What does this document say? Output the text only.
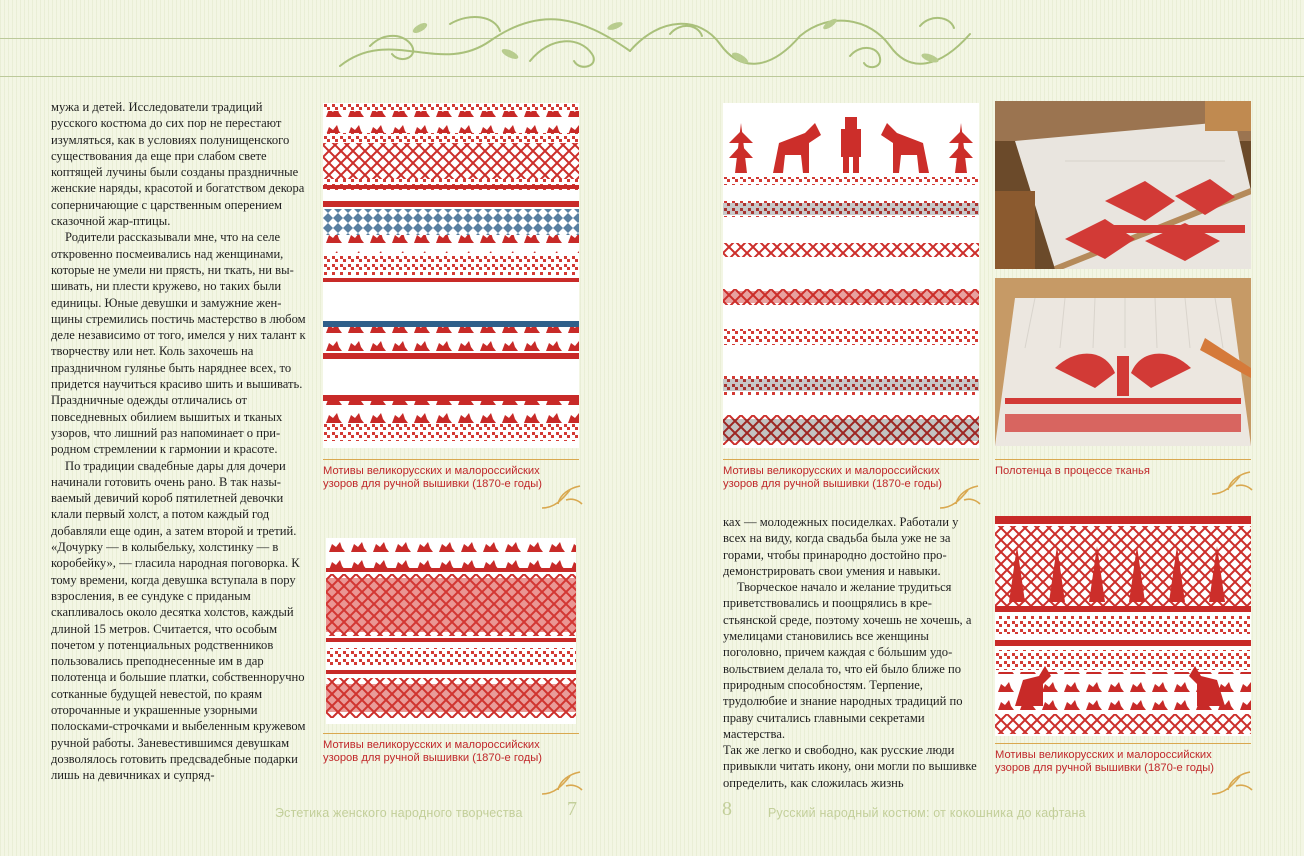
мужа и детей. Исследователи традиций русского костюма до сих пор не перестают изумляться, как в условиях полунищенского существования да еще при слабом свете коптящей лучины были созданы праздничные женские наряды, красотой и богатством декора соперничающие с царственным оперением сказочной жар-птицы.

Родители рассказывали мне, что на селе откровенно посмеивались над женщинами, которые не умели ни прясть, ни ткать, ни вышивать, ни плести кружево, но таких были единицы. Юные девушки и замужние женщины стремились постичь мастерство в любом деле независимо от того, имелся у них талант к творчеству или нет. Коль захочешь на праздничном гулянье быть наряднее всех, то придется научиться красиво шить и вышивать. Праздничные одежды отличались от повседневных обилием вышитых и тканых узоров, что лишний раз напоминает о природном стремлении к гармонии и красоте.

По традиции свадебные дары для дочери начинали готовить очень рано. В так называемый девичий короб пятилетней девочки клали первый холст, а потом каждый год добавляли еще один, а затем второй и третий. «Дочурку — в колыбельку, холстинку — в коробейку», — гласила народная поговорка. К тому времени, когда девушка вступала в пору взросления, в ее сундуке с приданым скапливалось около десятка холстов, каждый длиной 15 метров. Считается, что особым почетом у потенциальных родственников пользовались преподнесенные им в дар полотенца и большие платки, собственноручно сотканные будущей невестой, по краям оторочанные и украшенные узорными полосками-строчками и выбеленным кружевом ручной работы. Заневестившимся девушкам дозволялось готовить предсвадебные подарки лишь на девичниках и супряд-

Мотивы великорусских и малороссийских узоров для ручной вышивки (1870-е годы)
Мотивы великорусских и малороссийских узоров для ручной вышивки (1870-е годы)
Эстетика женского народного творчества 7
Мотивы великорусских и малороссийских узоров для ручной вышивки (1870-е годы)
Полотенца в процессе тканья
Мотивы великорусских и малороссийских узоров для ручной вышивки (1870-е годы)

ках — молодежных посиделках. Работали у всех на виду, когда свадьба была уже не за горами, чтобы принародно достойно продемонстрировать свои умения и навыки.

Творческое начало и желание трудиться приветствовались и поощрялись в крестьянской среде, поэтому хочешь не хочешь, а умелицами становились все женщины поголовно, причем каждая с бóльшим удовольствием делала то, что ей было ближе по природным способностям. Терпение, трудолюбие и знание народных традиций по праву считались главными секретами мастерства.

Так же легко и свободно, как русские люди привыкли читать икону, они могли по вышивке определить, как сложилась жизнь

8	Русский народный костюм: от кокошника до кафтана
